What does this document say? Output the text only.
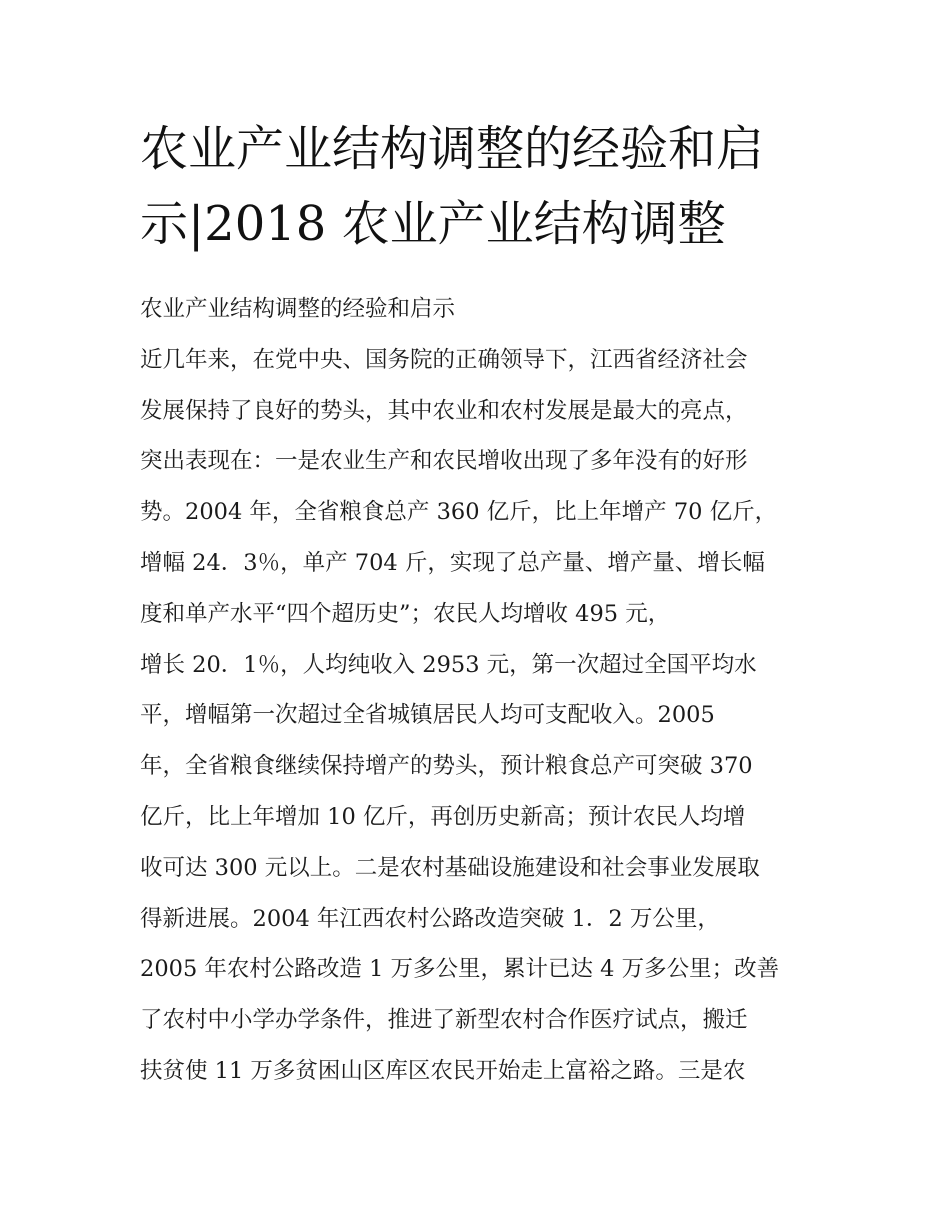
农业产业结构调整的经验和启
示|2018 农业产业结构调整
农业产业结构调整的经验和启示
近几年来，在党中央、国务院的正确领导下，江西省经济社会
发展保持了良好的势头，其中农业和农村发展是最大的亮点，
突出表现在：一是农业生产和农民增收出现了多年没有的好形
势。2004 年，全省粮食总产 360 亿斤，比上年增产 70 亿斤，
增幅 24．3％，单产 704 斤，实现了总产量、增产量、增长幅
度和单产水平“四个超历史”；农民人均增收 495 元，
增长 20．1％，人均纯收入 2953 元，第一次超过全国平均水
平，增幅第一次超过全省城镇居民人均可支配收入。2005
年，全省粮食继续保持增产的势头，预计粮食总产可突破 370
亿斤，比上年增加 10 亿斤，再创历史新高；预计农民人均增
收可达 300 元以上。二是农村基础设施建设和社会事业发展取
得新进展。2004 年江西农村公路改造突破 1．2 万公里，
2005 年农村公路改造 1 万多公里，累计已达 4 万多公里；改善
了农村中小学办学条件，推进了新型农村合作医疗试点，搬迁
扶贫使 11 万多贫困山区库区农民开始走上富裕之路。三是农
